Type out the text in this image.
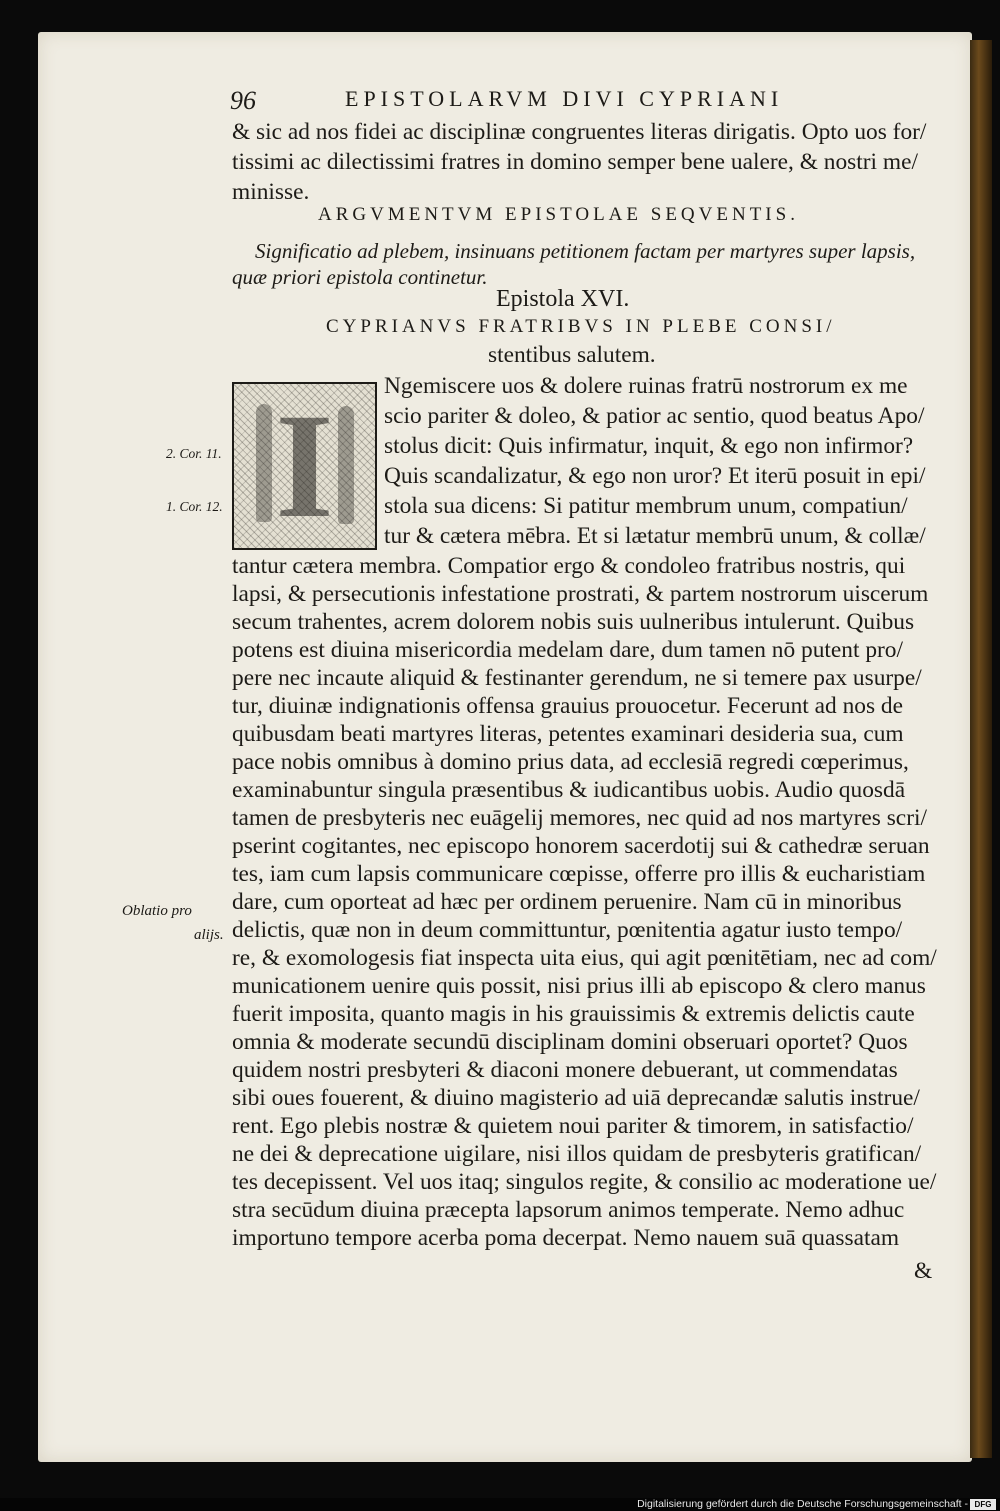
96	EPISTOLARVM DIVI CYPRIANI
& sic ad nos fidei ac disciplinæ congruentes literas dirigatis. Opto uos for/
tissimi ac dilectissimi fratres in domino semper bene ualere, & nostri me/
minisse.
ARGVMENTVM EPISTOLAE SEQVENTIS.
Significatio ad plebem, insinuans petitionem factam per martyres super lapsis,
quæ priori epistola continetur.
Epistola XVI.
CYPRIANVS FRATRIBVS IN PLEBE CONSI/
stentibus salutem.
I	Ngemiscere uos & dolere ruinas fratrū nostrorum ex me
scio pariter & doleo, & patior ac sentio, quod beatus Apo/
stolus dicit: Quis infirmatur, inquit, & ego non infirmor?
Quis scandalizatur, & ego non uror? Et iterū posuit in epi/
stola sua dicens: Si patitur membrum unum, compatiun/
tur & cætera mēbra. Et si lætatur membrū unum, & collæ/
2. Cor. 11.
1. Cor. 12.
Oblatio pro
alijs.
tantur cætera membra. Compatior ergo & condoleo fratribus nostris, qui
lapsi, & persecutionis infestatione prostrati, & partem nostrorum uiscerum
secum trahentes, acrem dolorem nobis suis uulneribus intulerunt. Quibus
potens est diuina misericordia medelam dare, dum tamen nō putent pro/
pere nec incaute aliquid & festinanter gerendum, ne si temere pax usurpe/
tur, diuinæ indignationis offensa grauius prouocetur. Fecerunt ad nos de
quibusdam beati martyres literas, petentes examinari desideria sua, cum
pace nobis omnibus à domino prius data, ad ecclesiā regredi cœperimus,
examinabuntur singula præsentibus & iudicantibus uobis. Audio quosdā
tamen de presbyteris nec euāgelij memores, nec quid ad nos martyres scri/
pserint cogitantes, nec episcopo honorem sacerdotij sui & cathedræ seruan
tes, iam cum lapsis communicare cœpisse, offerre pro illis & eucharistiam
dare, cum oporteat ad hæc per ordinem peruenire. Nam cū in minoribus
delictis, quæ non in deum committuntur, pœnitentia agatur iusto tempo/
re, & exomologesis fiat inspecta uita eius, qui agit pœnitētiam, nec ad com/
municationem uenire quis possit, nisi prius illi ab episcopo & clero manus
fuerit imposita, quanto magis in his grauissimis & extremis delictis caute
omnia & moderate secundū disciplinam domini obseruari oportet? Quos
quidem nostri presbyteri & diaconi monere debuerant, ut commendatas
sibi oues fouerent, & diuino magisterio ad uiā deprecandæ salutis instrue/
rent. Ego plebis nostræ & quietem noui pariter & timorem, in satisfactio/
ne dei & deprecatione uigilare, nisi illos quidam de presbyteris gratifican/
tes decepissent. Vel uos itaq; singulos regite, & consilio ac moderatione ue/
stra secūdum diuina præcepta lapsorum animos temperate. Nemo adhuc
importuno tempore acerba poma decerpat. Nemo nauem suā quassatam
&
Digitalisierung gefördert durch die Deutsche Forschungsgemeinschaft - DFG
